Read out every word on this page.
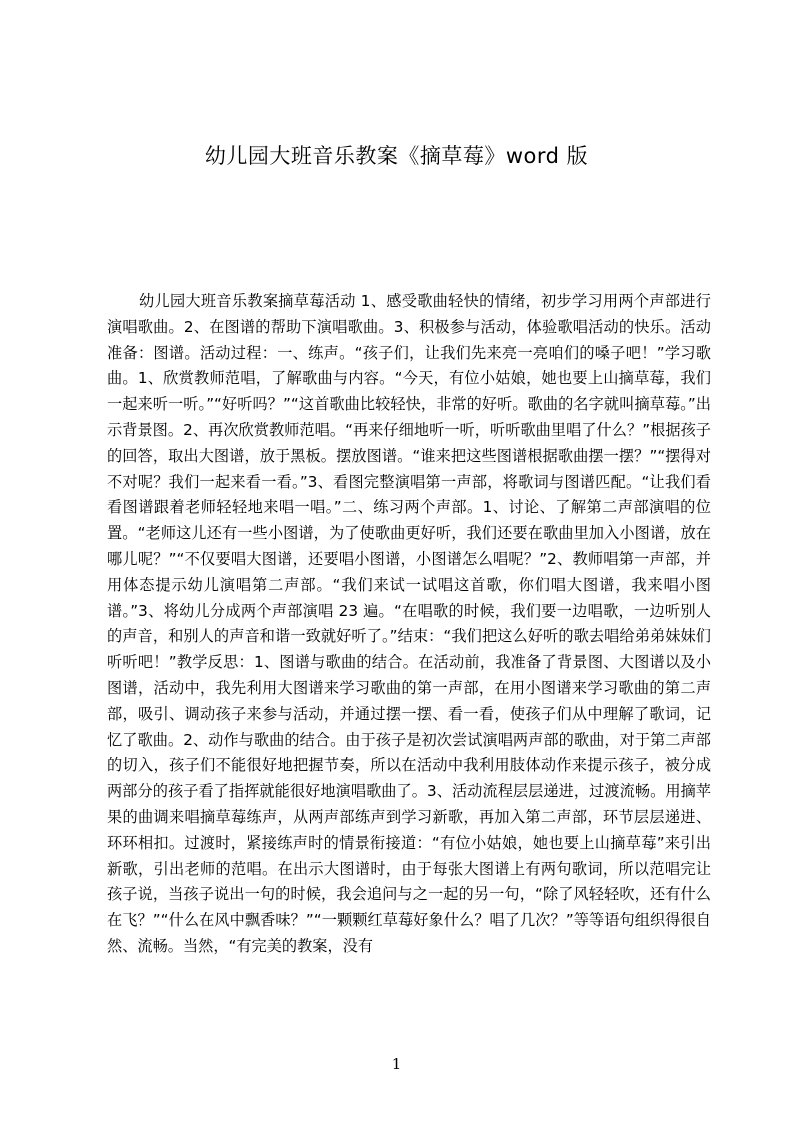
幼儿园大班音乐教案《摘草莓》word 版

幼儿园大班音乐教案摘草莓活动 1、感受歌曲轻快的情绪，初步学习用两个声部进行演唱歌曲。2、在图谱的帮助下演唱歌曲。3、积极参与活动，体验歌唱活动的快乐。活动准备：图谱。活动过程：一、练声。“孩子们，让我们先来亮一亮咱们的嗓子吧！”学习歌曲。1、欣赏教师范唱，了解歌曲与内容。“今天，有位小姑娘，她也要上山摘草莓，我们一起来听一听。”“好听吗？”“这首歌曲比较轻快，非常的好听。歌曲的名字就叫摘草莓。”出示背景图。2、再次欣赏教师范唱。“再来仔细地听一听，听听歌曲里唱了什么？”根据孩子的回答，取出大图谱，放于黑板。摆放图谱。“谁来把这些图谱根据歌曲摆一摆？”“摆得对不对呢？我们一起来看一看。”3、看图完整演唱第一声部，将歌词与图谱匹配。“让我们看看图谱跟着老师轻轻地来唱一唱。”二、练习两个声部。1、讨论、了解第二声部演唱的位置。“老师这儿还有一些小图谱，为了使歌曲更好听，我们还要在歌曲里加入小图谱，放在哪儿呢？”“不仅要唱大图谱，还要唱小图谱，小图谱怎么唱呢？”2、教师唱第一声部，并用体态提示幼儿演唱第二声部。“我们来试一试唱这首歌，你们唱大图谱，我来唱小图谱。”3、将幼儿分成两个声部演唱 23 遍。“在唱歌的时候，我们要一边唱歌，一边听别人的声音，和别人的声音和谐一致就好听了。”结束：“我们把这么好听的歌去唱给弟弟妹妹们听听吧！”教学反思：1、图谱与歌曲的结合。在活动前，我准备了背景图、大图谱以及小图谱，活动中，我先利用大图谱来学习歌曲的第一声部，在用小图谱来学习歌曲的第二声部，吸引、调动孩子来参与活动，并通过摆一摆、看一看，使孩子们从中理解了歌词，记忆了歌曲。2、动作与歌曲的结合。由于孩子是初次尝试演唱两声部的歌曲，对于第二声部的切入，孩子们不能很好地把握节奏，所以在活动中我利用肢体动作来提示孩子，被分成两部分的孩子看了指挥就能很好地演唱歌曲了。3、活动流程层层递进，过渡流畅。用摘苹果的曲调来唱摘草莓练声，从两声部练声到学习新歌，再加入第二声部，环节层层递进、环环相扣。过渡时，紧接练声时的情景衔接道：“有位小姑娘，她也要上山摘草莓”来引出新歌，引出老师的范唱。在出示大图谱时，由于每张大图谱上有两句歌词，所以范唱完让孩子说，当孩子说出一句的时候，我会追问与之一起的另一句，“除了风轻轻吹，还有什么在飞？”“什么在风中飘香味？”“一颗颗红草莓好象什么？唱了几次？”等等语句组织得很自然、流畅。当然，“有完美的教案，没有

1
